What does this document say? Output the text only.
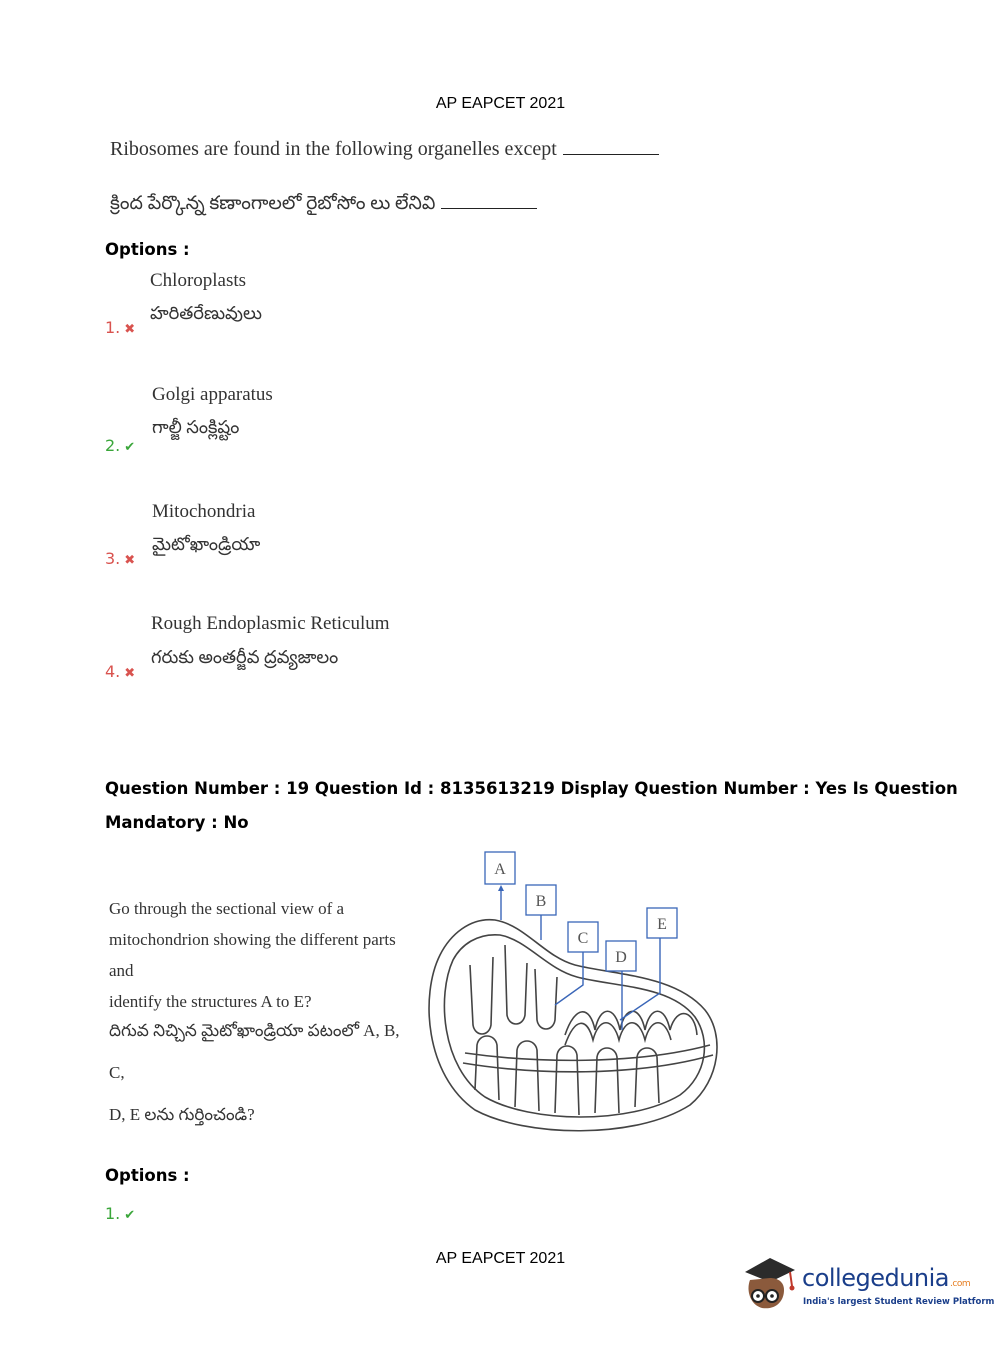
AP EAPCET 2021
Ribosomes are found in the following organelles except
క్రింద పేర్కొన్న కణాంగాలలో రైబోసోం లు లేనివి
Options :
Chloroplasts
హరితరేణువులు
1. ✖
Golgi apparatus
గాల్జీ సంక్లిష్టం
2. ✔
Mitochondria
మైటోఖాండ్రియా
3. ✖
Rough Endoplasmic Reticulum
గరుకు అంతర్జీవ ద్రవ్యజాలం
4. ✖
Question Number : 19 Question Id : 8135613219 Display Question Number : Yes Is Question
Mandatory : No
Go through the sectional view of a
mitochondrion showing the different parts and
identify the structures A to E?
దిగువ నిచ్చిన మైటోఖాండ్రియా పటంలో A, B, C,
D, E లను గుర్తించండి?
A
B
C
D
E
Options :
1. ✔
AP EAPCET 2021
collegedunia.com
India's largest Student Review Platform
